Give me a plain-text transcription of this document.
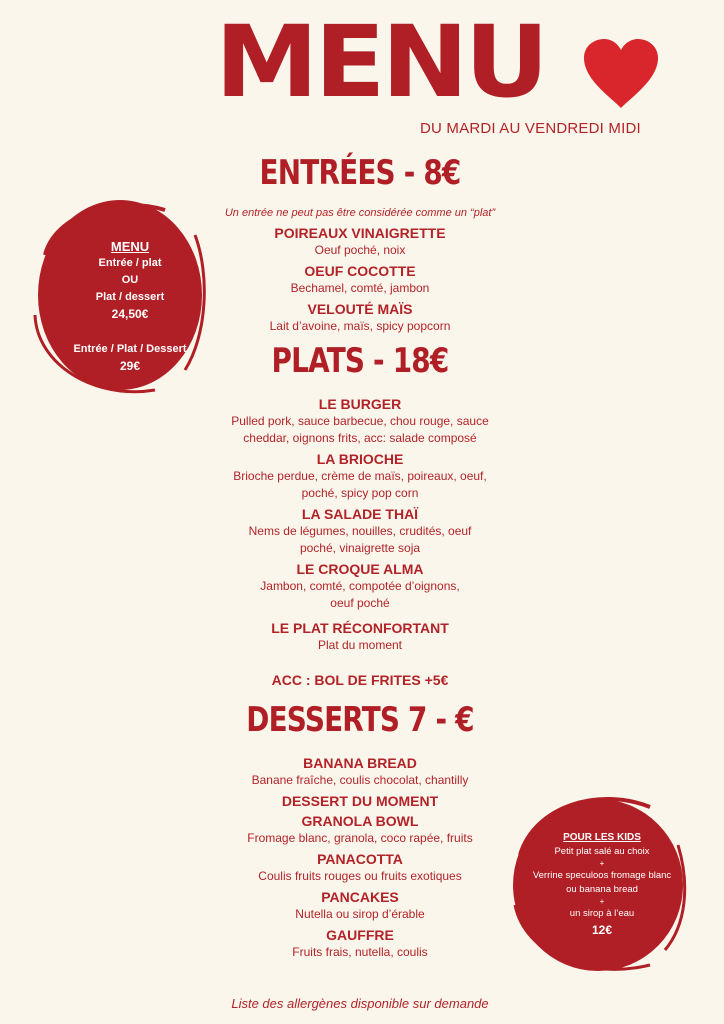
MENU
DU MARDI AU VENDREDI MIDI
MENU
Entrée / plat
OU
Plat / dessert
24,50€
Entrée / Plat / Dessert
29€
ENTRÉES - 8€
Un entrée ne peut pas être considérée comme un “plat”
POIREAUX VINAIGRETTE
Oeuf poché, noix
OEUF COCOTTE
Bechamel, comté, jambon
VELOUTÉ MAÏS
Lait d’avoine, maïs, spicy popcorn
PLATS - 18€
LE BURGER
Pulled pork, sauce barbecue, chou rouge, sauce
cheddar, oignons frits, acc: salade composé
LA BRIOCHE
Brioche perdue, crème de maïs, poireaux, oeuf,
poché, spicy pop corn
LA SALADE THAÏ
Nems de légumes, nouilles, crudités, oeuf
poché, vinaigrette soja
LE CROQUE ALMA
Jambon, comté, compotée d’oignons,
oeuf poché
LE PLAT RÉCONFORTANT
Plat du moment
ACC : BOL DE FRITES +5€
DESSERTS 7 - €
BANANA BREAD
Banane fraîche, coulis chocolat, chantilly
DESSERT DU MOMENT
GRANOLA BOWL
Fromage blanc, granola, coco rapée, fruits
PANACOTTA
Coulis fruits rouges ou fruits exotiques
PANCAKES
Nutella ou sirop d’érable
GAUFFRE
Fruits frais, nutella, coulis
POUR LES KIDS
Petit plat salé au choix
+
Verrine speculoos fromage blanc
ou banana bread
+
un sirop à l’eau
12€
Liste des allergènes disponible sur demande
